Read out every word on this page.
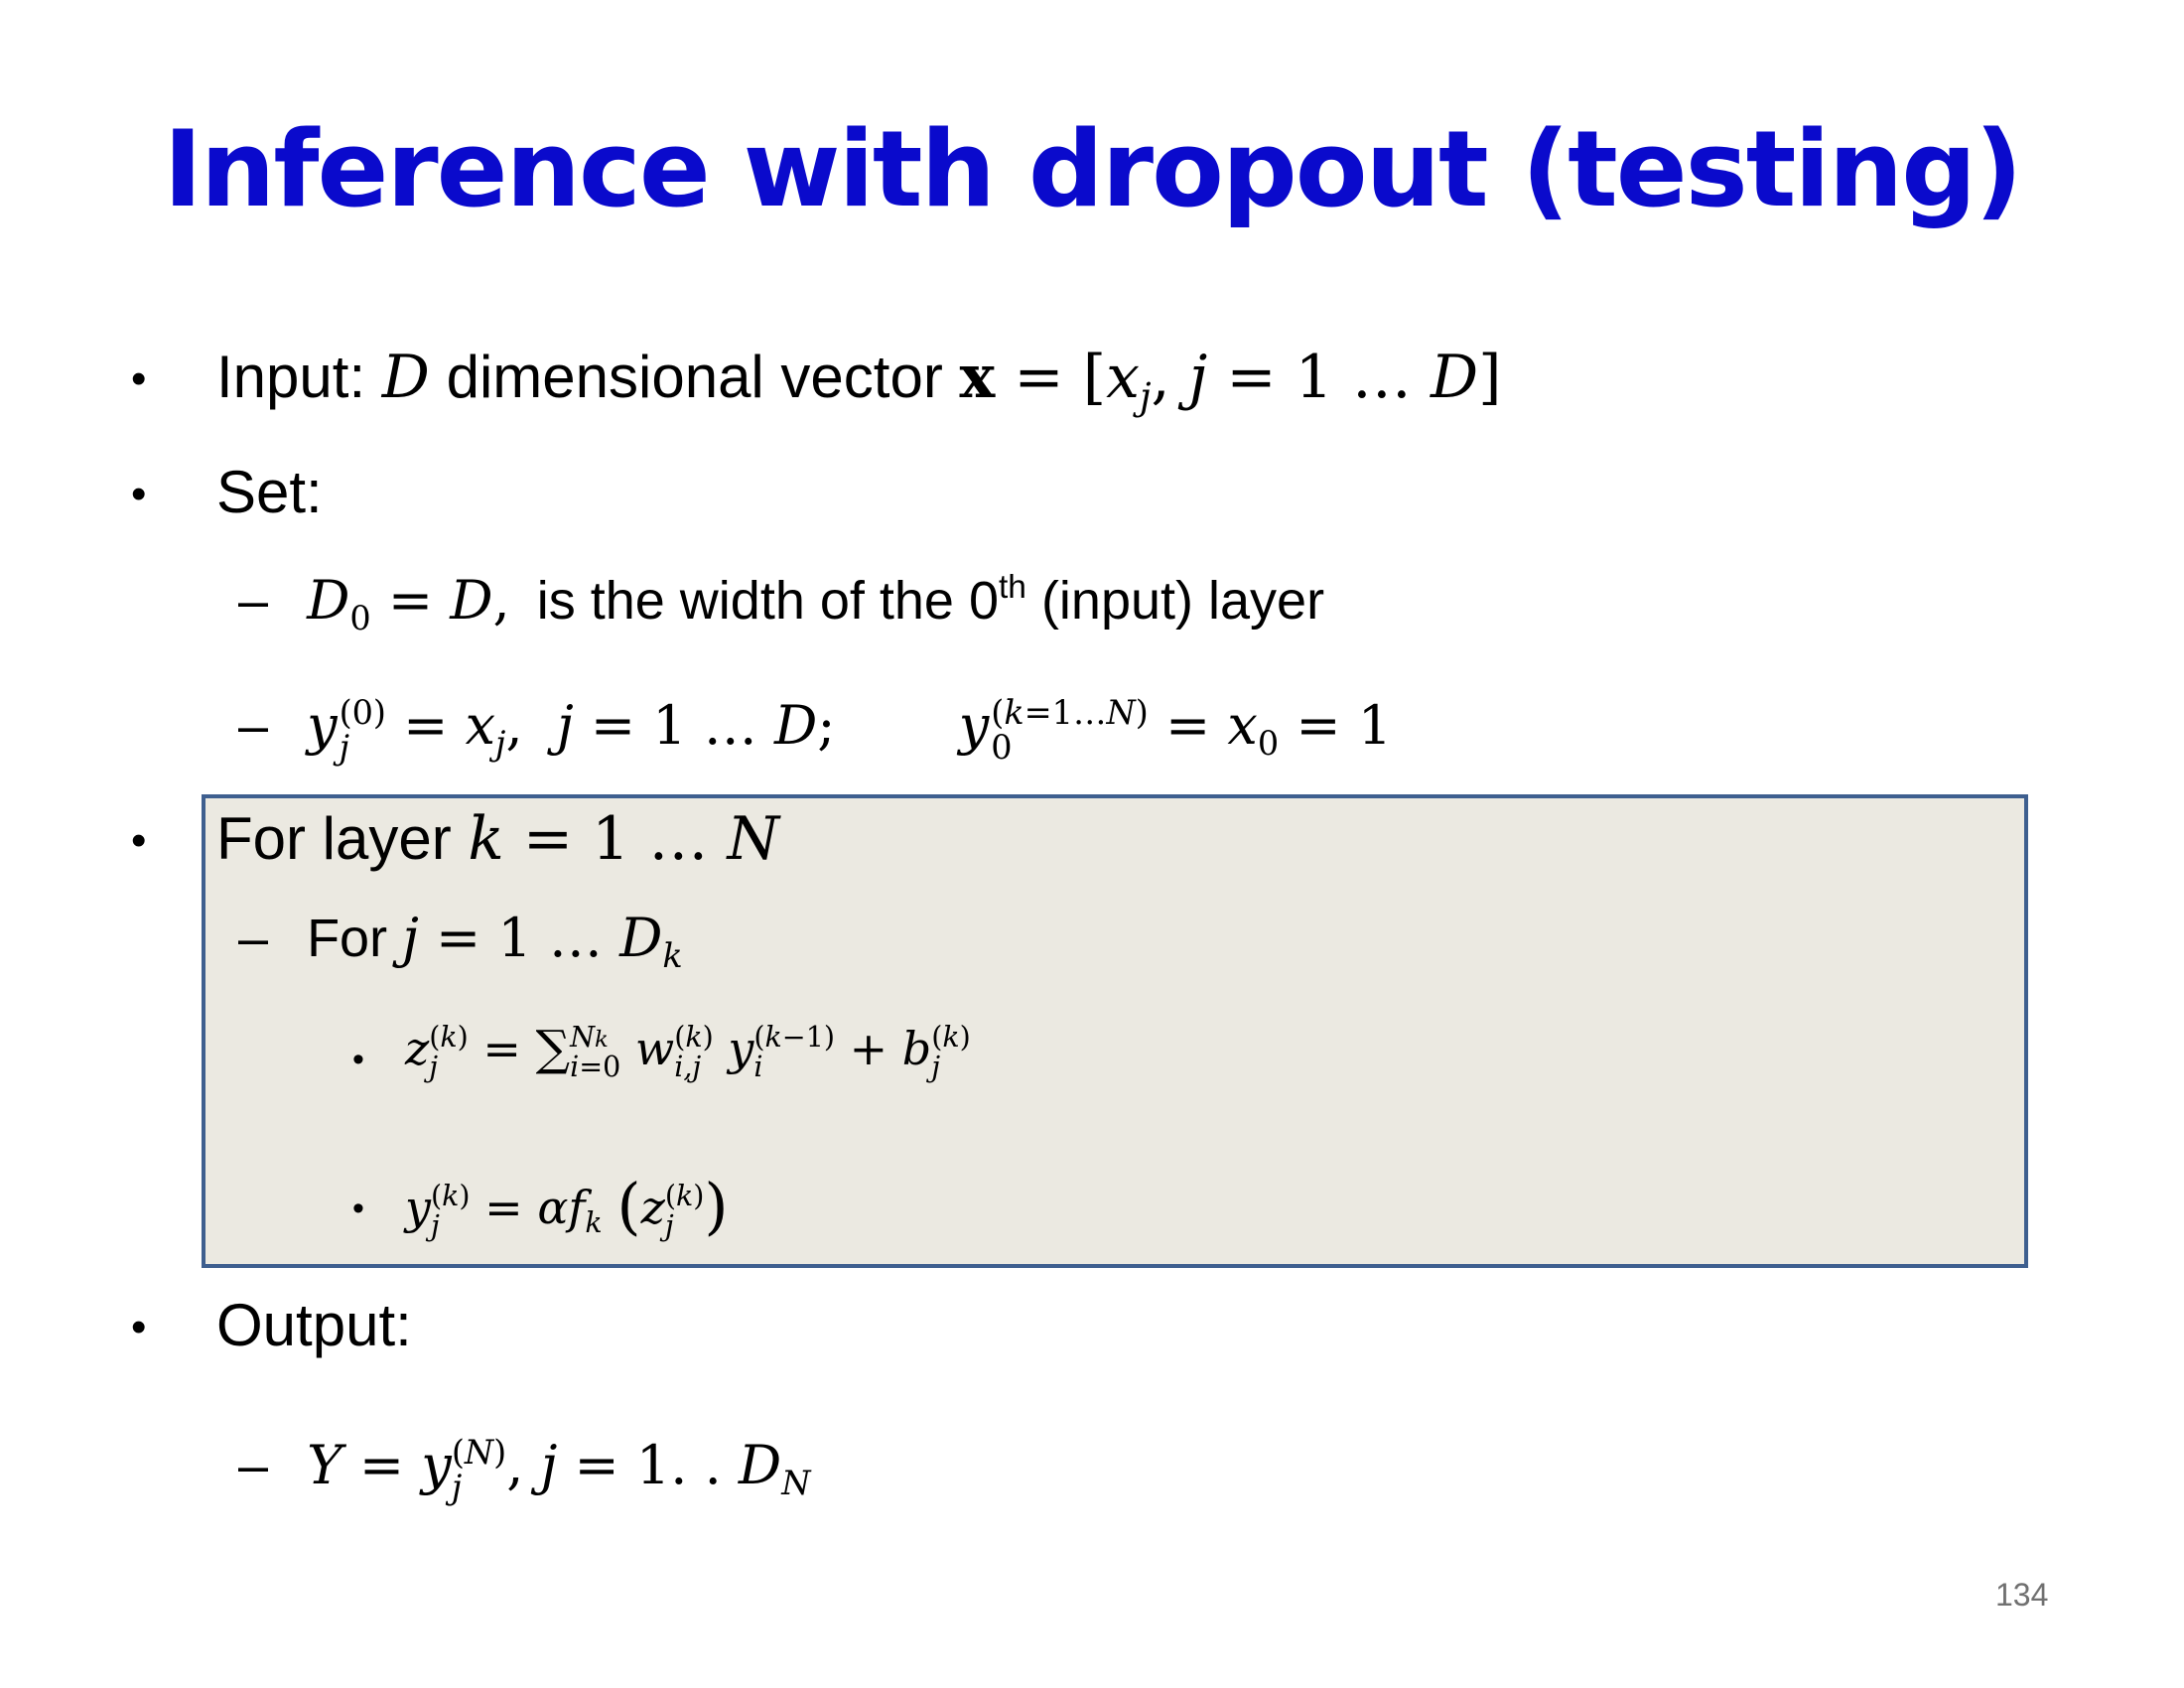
Inference with dropout (testing)
• Input: D dimensional vector x = [xj, j = 1 … D]
• Set:
– D0 = D, is the width of the 0th (input) layer
– y (0)
j = xj,  j = 1 … D;  y (k=1…N)
0	= x0 = 1
• For layer k = 1 … N
– For j = 1 … Dk
• z (k)
j = ∑ Nk
i=0 w (k)
i,j y (k−1)
i	+ b (k)
j
• y (k)
j = αfk (z (k)
j )
• Output:
– Y = y (N)
j , j = 1. . DN
134
